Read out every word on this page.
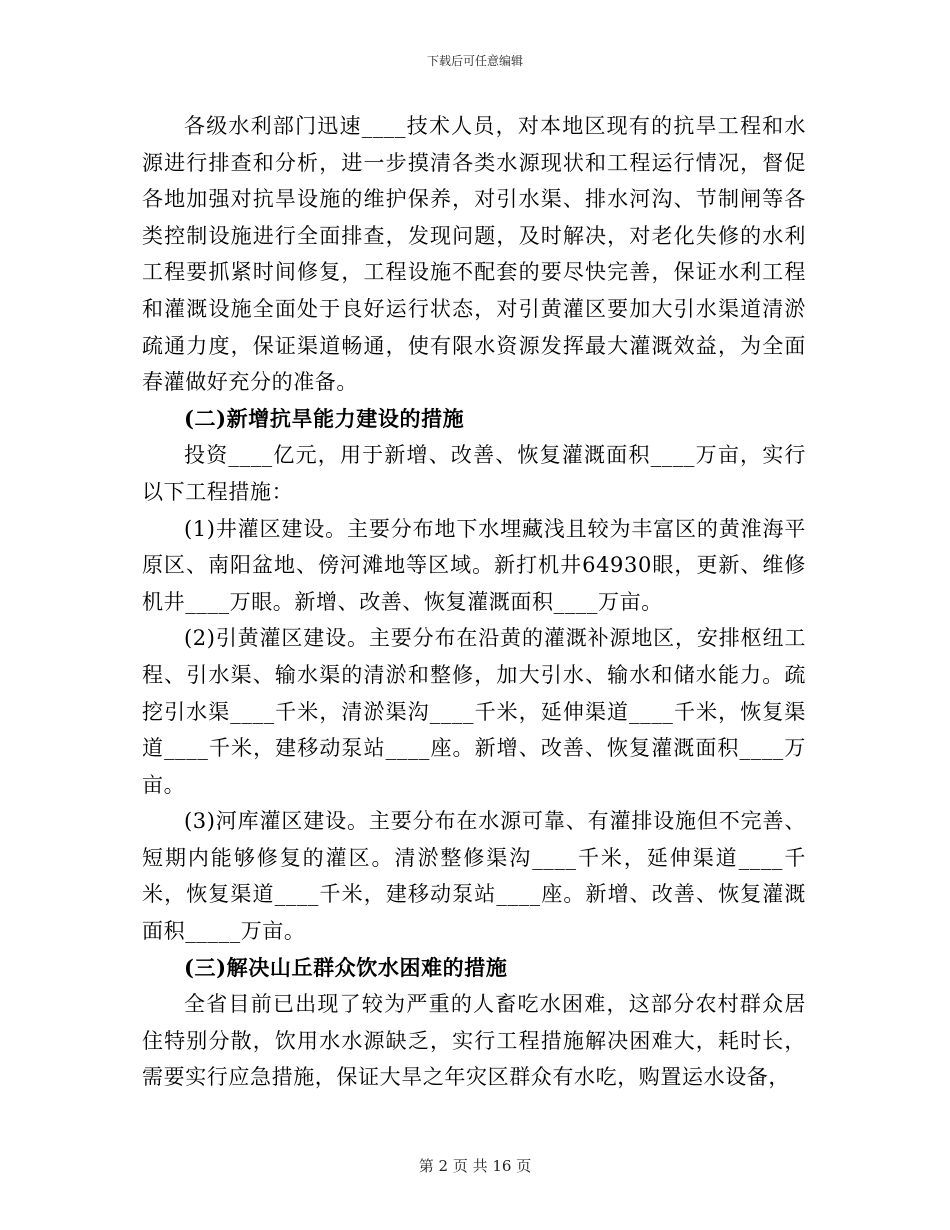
下载后可任意编辑

各级水利部门迅速____技术人员，对本地区现有的抗旱工程和水源进行排查和分析，进一步摸清各类水源现状和工程运行情况，督促各地加强对抗旱设施的维护保养，对引水渠、排水河沟、节制闸等各类控制设施进行全面排查，发现问题，及时解决，对老化失修的水利工程要抓紧时间修复，工程设施不配套的要尽快完善，保证水利工程和灌溉设施全面处于良好运行状态，对引黄灌区要加大引水渠道清淤疏通力度，保证渠道畅通，使有限水资源发挥最大灌溉效益，为全面春灌做好充分的准备。

(二)新增抗旱能力建设的措施

投资____亿元，用于新增、改善、恢复灌溉面积____万亩，实行以下工程措施：

(1)井灌区建设。主要分布地下水埋藏浅且较为丰富区的黄淮海平原区、南阳盆地、傍河滩地等区域。新打机井64930眼，更新、维修机井____万眼。新增、改善、恢复灌溉面积____万亩。

(2)引黄灌区建设。主要分布在沿黄的灌溉补源地区，安排枢纽工程、引水渠、输水渠的清淤和整修，加大引水、输水和储水能力。疏挖引水渠____千米，清淤渠沟____千米，延伸渠道____千米，恢复渠道____千米，建移动泵站____座。新增、改善、恢复灌溉面积____万亩。

(3)河库灌区建设。主要分布在水源可靠、有灌排设施但不完善、短期内能够修复的灌区。清淤整修渠沟____千米，延伸渠道____千米，恢复渠道____千米，建移动泵站____座。新增、改善、恢复灌溉面积_____万亩。

(三)解决山丘群众饮水困难的措施

全省目前已出现了较为严重的人畜吃水困难，这部分农村群众居住特别分散，饮用水水源缺乏，实行工程措施解决困难大，耗时长，需要实行应急措施，保证大旱之年灾区群众有水吃，购置运水设备，

第 2 页 共 16 页
